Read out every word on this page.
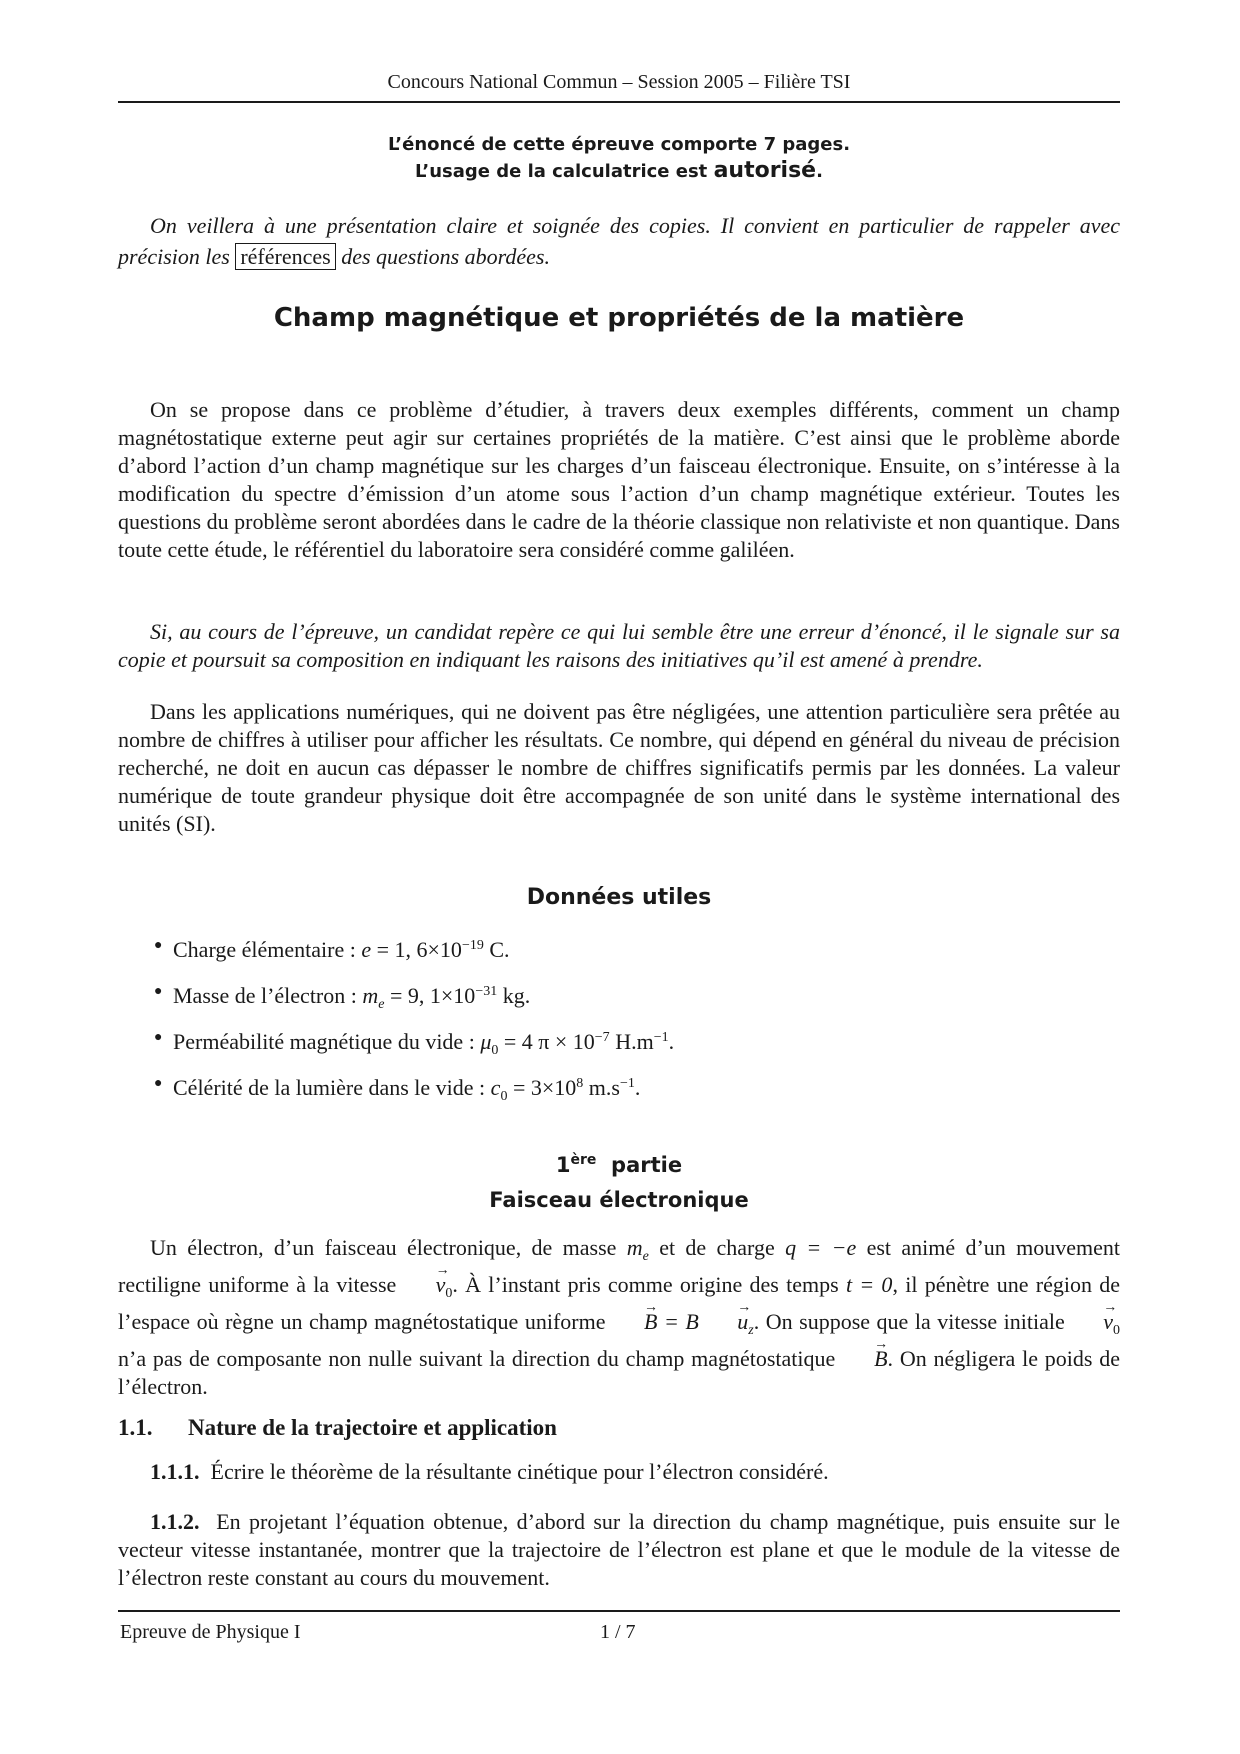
Concours National Commun – Session 2005 – Filière TSI
L’énoncé de cette épreuve comporte 7 pages.
L’usage de la calculatrice est autorisé.
On veillera à une présentation claire et soignée des copies. Il convient en particulier de rappeler avec précision les références des questions abordées.
Champ magnétique et propriétés de la matière
On se propose dans ce problème d’étudier, à travers deux exemples différents, comment un champ magnétostatique externe peut agir sur certaines propriétés de la matière. C’est ainsi que le problème aborde d’abord l’action d’un champ magnétique sur les charges d’un faisceau électronique. Ensuite, on s’intéresse à la modification du spectre d’émission d’un atome sous l’action d’un champ magnétique extérieur. Toutes les questions du problème seront abordées dans le cadre de la théorie classique non relativiste et non quantique. Dans toute cette étude, le référentiel du laboratoire sera considéré comme galiléen.
Si, au cours de l’épreuve, un candidat repère ce qui lui semble être une erreur d’énoncé, il le signale sur sa copie et poursuit sa composition en indiquant les raisons des initiatives qu’il est amené à prendre.
Dans les applications numériques, qui ne doivent pas être négligées, une attention particulière sera prêtée au nombre de chiffres à utiliser pour afficher les résultats. Ce nombre, qui dépend en général du niveau de précision recherché, ne doit en aucun cas dépasser le nombre de chiffres significatifs permis par les données. La valeur numérique de toute grandeur physique doit être accompagnée de son unité dans le système international des unités (SI).
Données utiles
● Charge élémentaire : e = 1, $6\times 10^{-19}$ C.
● Masse de l’électron : $m_e = 9$, $1\times 10^{-31}$ kg.
● Perméabilité magnétique du vide : $\mu_0 = 4$ $\pi \times 10^{-7}$ $H.m^{-1}$.
● Célérité de la lumière dans le vide : $c_0 = 3\times 10^8$ $m.s^{-1}$.
1ère partie
Faisceau électronique
Un électron, d’un faisceau électronique, de masse $m_e$ et de charge q = −e est animé d’un mouvement rectiligne uniforme à la vitesse → $v_0$. À l’instant pris comme origine des temps t = 0, il pénètre une région de l’espace où règne un champ magnétostatique uniforme → $B = B \to u_z$. On suppose que la vitesse initiale → $v_0$ n’a pas de composante non nulle suivant la direction du champ magnétostatique → B. On négligera le poids de l’électron.
1.1. Nature de la trajectoire et application
1.1.1. Écrire le théorème de la résultante cinétique pour l’électron considéré.
1.1.2. En projetant l’équation obtenue, d’abord sur la direction du champ magnétique, puis ensuite sur le vecteur vitesse instantanée, montrer que la trajectoire de l’électron est plane et que le module de la vitesse de l’électron reste constant au cours du mouvement.
Epreuve de Physique I	1 / 7
